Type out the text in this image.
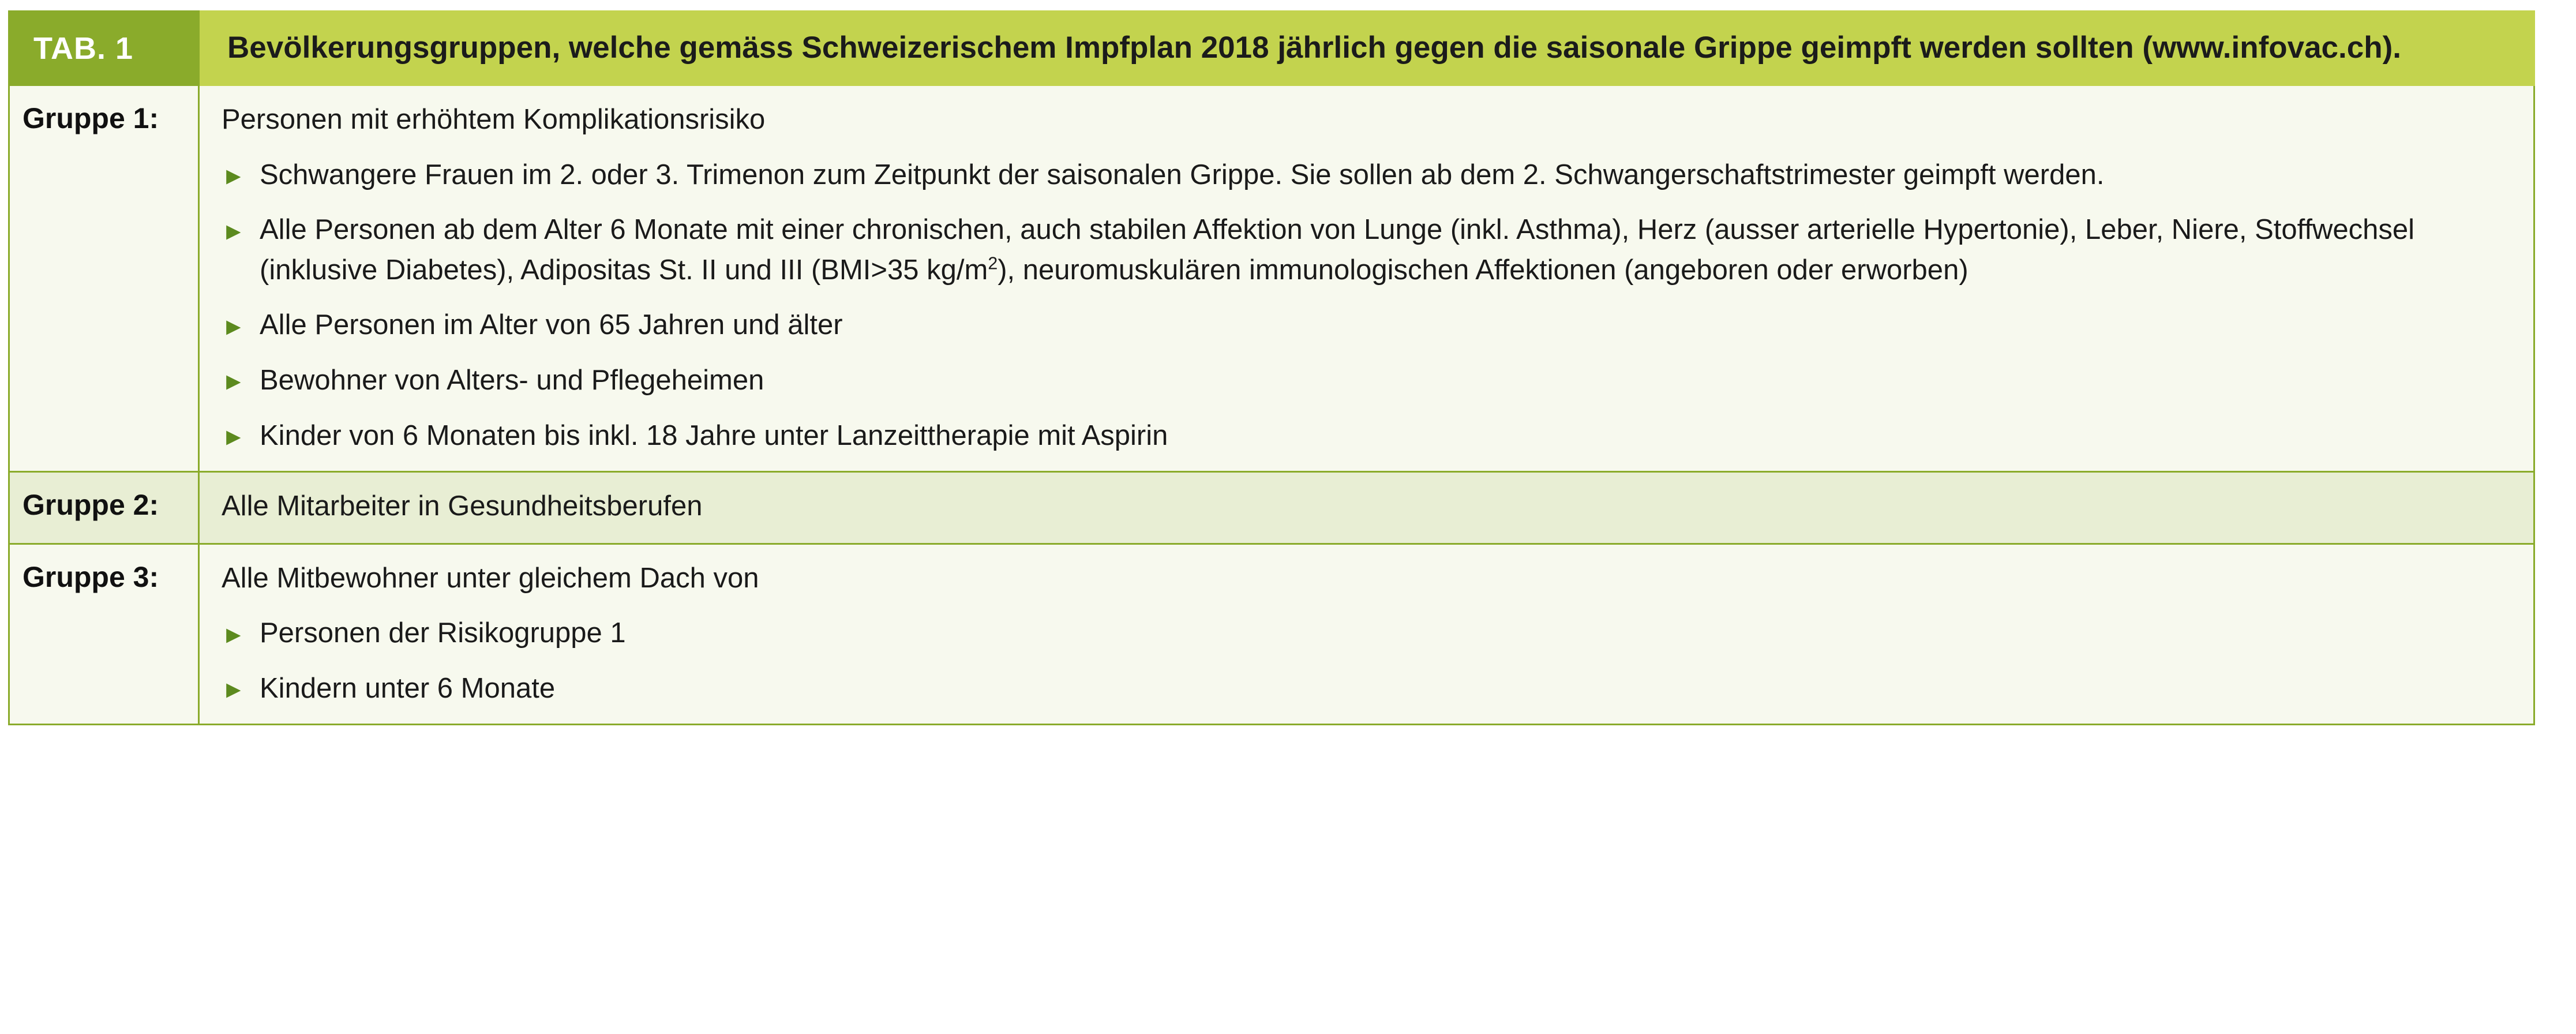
TAB. 1	Bevölkerungsgruppen, welche gemäss Schweizerischem Impfplan 2018 jährlich gegen die saisonale Grippe geimpft werden sollten (www.infovac.ch).
Gruppe 1:	Personen mit erhöhtem Komplikationsrisiko

► Schwangere Frauen im 2. oder 3. Trimenon zum Zeitpunkt der saisonalen Grippe. Sie sollen ab dem 2. Schwangerschaftstrimester geimpft werden.
► Alle Personen ab dem Alter 6 Monate mit einer chronischen, auch stabilen Affektion von Lunge (inkl. Asthma), Herz (ausser arterielle Hypertonie), Leber, Niere, Stoffwechsel (inklusive Diabetes), Adipositas St. II und III (BMI>35 $kg/m^2$), neuromuskulären immunologischen Affektionen (angeboren oder erworben)
► Alle Personen im Alter von 65 Jahren und älter
► Bewohner von Alters- und Pflegeheimen
► Kinder von 6 Monaten bis inkl. 18 Jahre unter Lanzeittherapie mit Aspirin
Gruppe 2:	Alle Mitarbeiter in Gesundheitsberufen

Gruppe 3:	Alle Mitbewohner unter gleichem Dach von

► Personen der Risikogruppe 1
► Kindern unter 6 Monate
